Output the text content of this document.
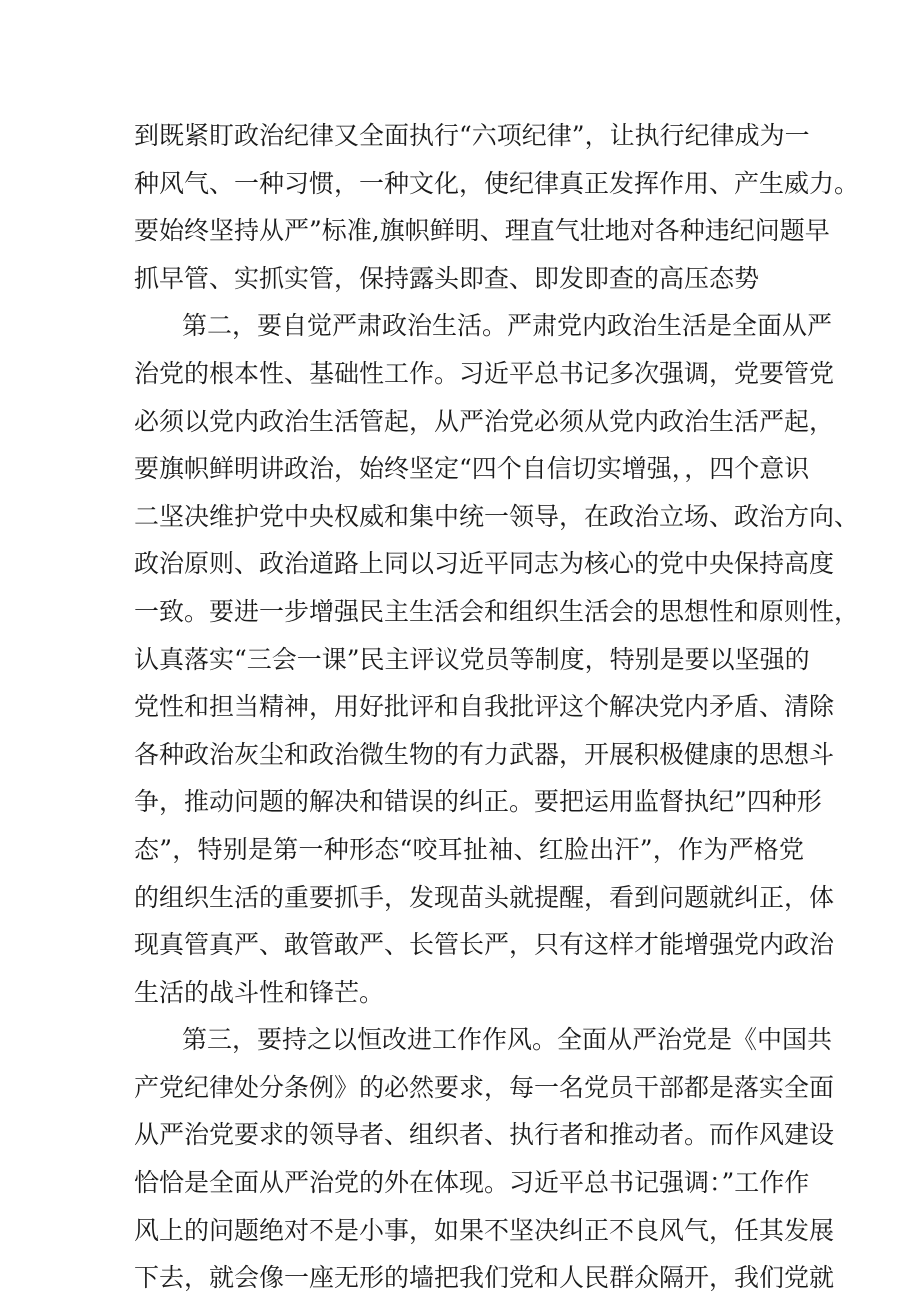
到既紧盯政治纪律又全面执行“六项纪律”，让执行纪律成为一
种风气、一种习惯，一种文化，使纪律真正发挥作用、产生威力。
要始终坚持从严”标准,旗帜鲜明、理直气壮地对各种违纪问题早
抓早管、实抓实管，保持露头即查、即发即查的高压态势
第二，要自觉严肃政治生活。严肃党内政治生活是全面从严
治党的根本性、基础性工作。习近平总书记多次强调，党要管党
必须以党内政治生活管起，从严治党必须从党内政治生活严起，
要旗帜鲜明讲政治，始终坚定“四个自信切实增强，，四个意识
二坚决维护党中央权威和集中统一领导，在政治立场、政治方向、
政治原则、政治道路上同以习近平同志为核心的党中央保持高度
一致。要进一步增强民主生活会和组织生活会的思想性和原则性，
认真落实“三会一课”民主评议党员等制度，特别是要以坚强的
党性和担当精神，用好批评和自我批评这个解决党内矛盾、清除
各种政治灰尘和政治微生物的有力武器，开展积极健康的思想斗
争，推动问题的解决和错误的纠正。要把运用监督执纪”四种形
态”，特别是第一种形态“咬耳扯袖、红脸出汗”，作为严格党
的组织生活的重要抓手，发现苗头就提醒，看到问题就纠正，体
现真管真严、敢管敢严、长管长严，只有这样才能增强党内政治
生活的战斗性和锋芒。
第三，要持之以恒改进工作作风。全面从严治党是《中国共
产党纪律处分条例》的必然要求，每一名党员干部都是落实全面
从严治党要求的领导者、组织者、执行者和推动者。而作风建设
恰恰是全面从严治党的外在体现。习近平总书记强调：”工作作
风上的问题绝对不是小事，如果不坚决纠正不良风气，任其发展
下去，就会像一座无形的墙把我们党和人民群众隔开，我们党就
